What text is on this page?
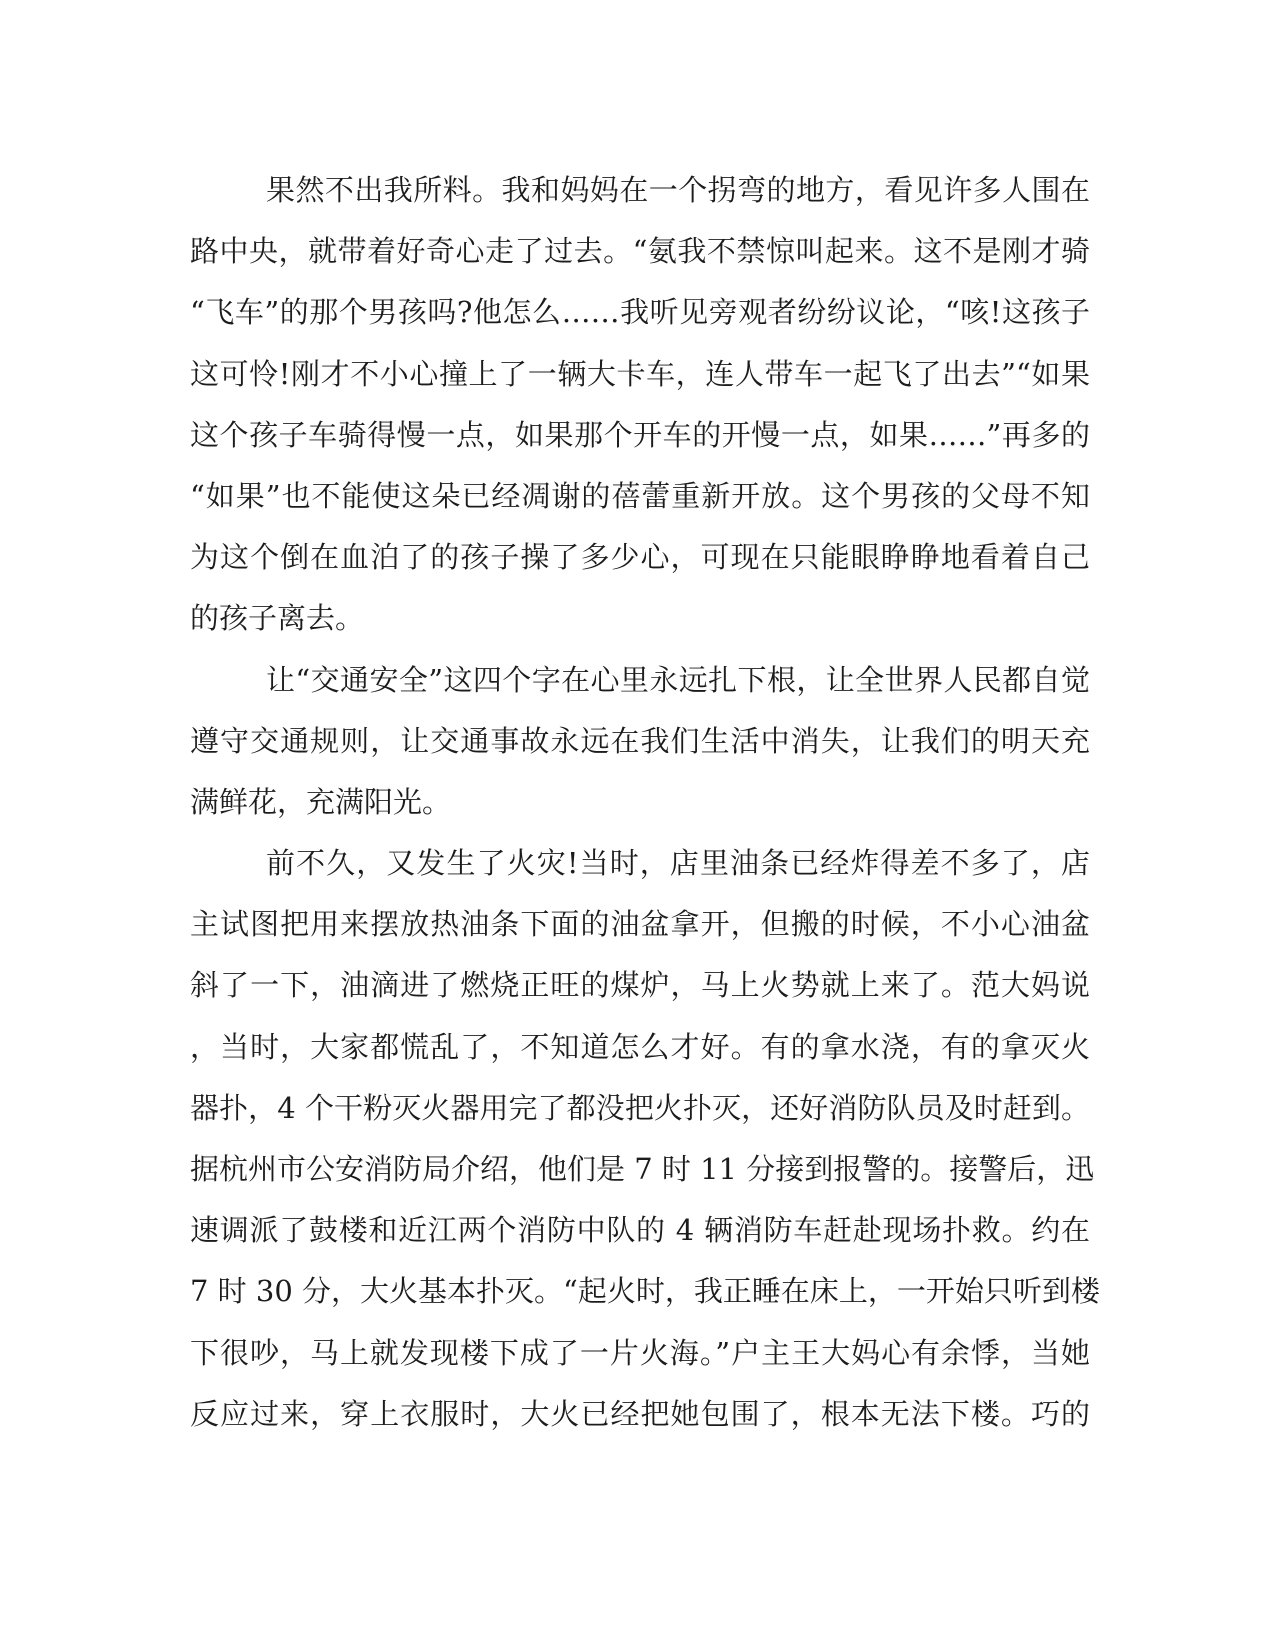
果然不出我所料。我和妈妈在一个拐弯的地方，看见许多人围在
路中央，就带着好奇心走了过去。“氨我不禁惊叫起来。这不是刚才骑
“飞车”的那个男孩吗?他怎么……我听见旁观者纷纷议论，“咳!这孩子
这可怜!刚才不小心撞上了一辆大卡车，连人带车一起飞了出去”“如果
这个孩子车骑得慢一点，如果那个开车的开慢一点，如果……”再多的
“如果”也不能使这朵已经凋谢的蓓蕾重新开放。这个男孩的父母不知
为这个倒在血泊了的孩子操了多少心，可现在只能眼睁睁地看着自己
的孩子离去。
让“交通安全”这四个字在心里永远扎下根，让全世界人民都自觉
遵守交通规则，让交通事故永远在我们生活中消失，让我们的明天充
满鲜花，充满阳光。
前不久，又发生了火灾!当时，店里油条已经炸得差不多了，店
主试图把用来摆放热油条下面的油盆拿开，但搬的时候，不小心油盆
斜了一下，油滴进了燃烧正旺的煤炉，马上火势就上来了。范大妈说
，当时，大家都慌乱了，不知道怎么才好。有的拿水浇，有的拿灭火
器扑，4 个干粉灭火器用完了都没把火扑灭，还好消防队员及时赶到。
据杭州市公安消防局介绍，他们是 7 时 11 分接到报警的。接警后，迅
速调派了鼓楼和近江两个消防中队的 4 辆消防车赶赴现场扑救。约在
7 时 30 分，大火基本扑灭。“起火时，我正睡在床上，一开始只听到楼
下很吵，马上就发现楼下成了一片火海。”户主王大妈心有余悸，当她
反应过来，穿上衣服时，大火已经把她包围了，根本无法下楼。巧的
